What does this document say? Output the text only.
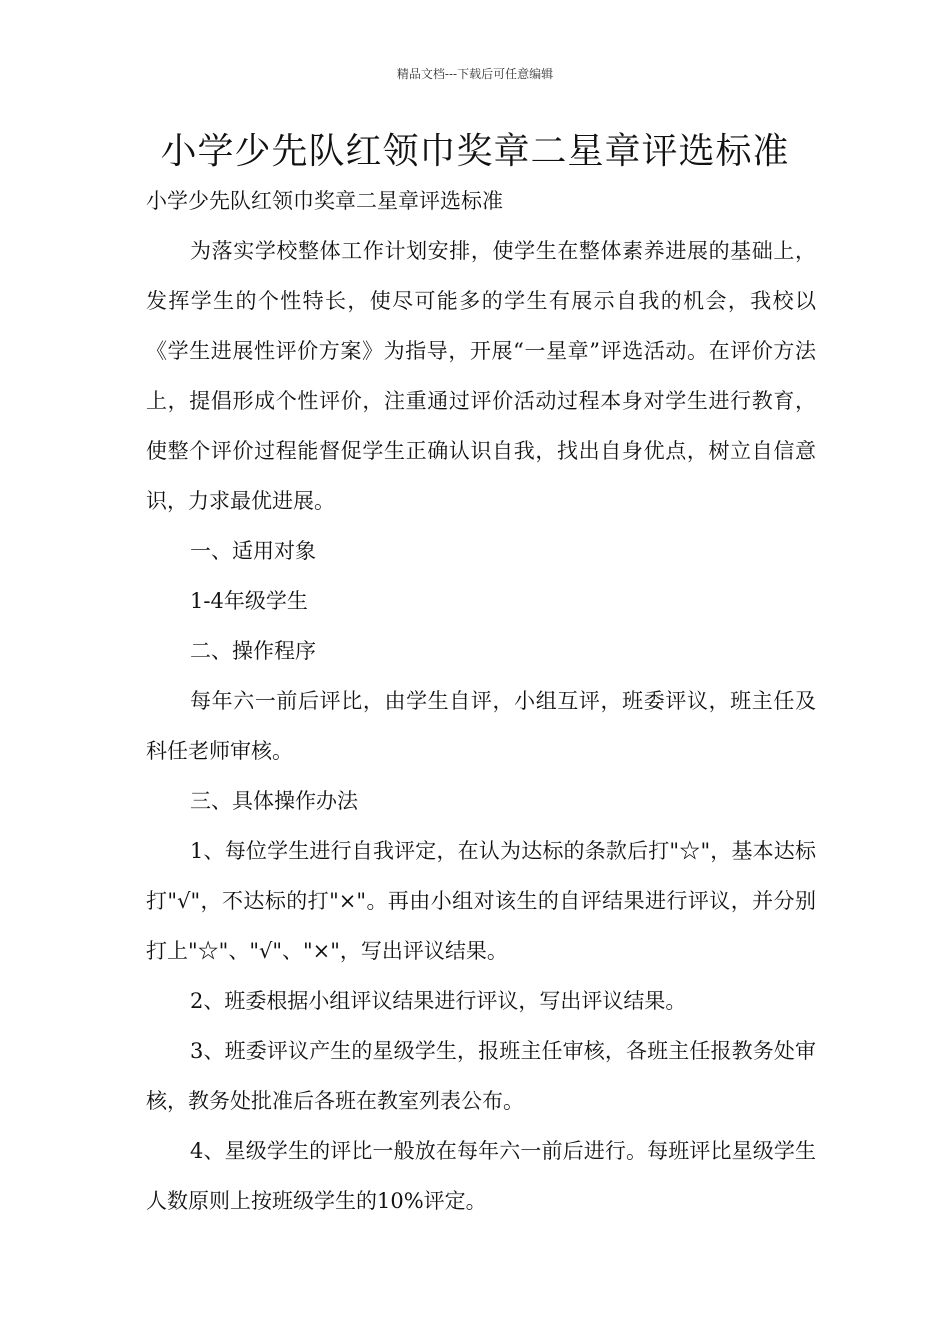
精品文档---下载后可任意编辑
小学少先队红领巾奖章二星章评选标准

小学少先队红领巾奖章二星章评选标准

为落实学校整体工作计划安排，使学生在整体素养进展的基础上，发挥学生的个性特长，使尽可能多的学生有展示自我的机会，我校以《学生进展性评价方案》为指导，开展“一星章”评选活动。在评价方法上，提倡形成个性评价，注重通过评价活动过程本身对学生进行教育，使整个评价过程能督促学生正确认识自我，找出自身优点，树立自信意识，力求最优进展。

一、适用对象

1-4年级学生

二、操作程序

每年六一前后评比，由学生自评，小组互评，班委评议，班主任及科任老师审核。

三、具体操作办法

1、每位学生进行自我评定，在认为达标的条款后打"☆"，基本达标打"√"，不达标的打"×"。再由小组对该生的自评结果进行评议，并分别打上"☆"、"√"、"×"，写出评议结果。

2、班委根据小组评议结果进行评议，写出评议结果。

3、班委评议产生的星级学生，报班主任审核，各班主任报教务处审核，教务处批准后各班在教室列表公布。

4、星级学生的评比一般放在每年六一前后进行。每班评比星级学生人数原则上按班级学生的10%评定。
